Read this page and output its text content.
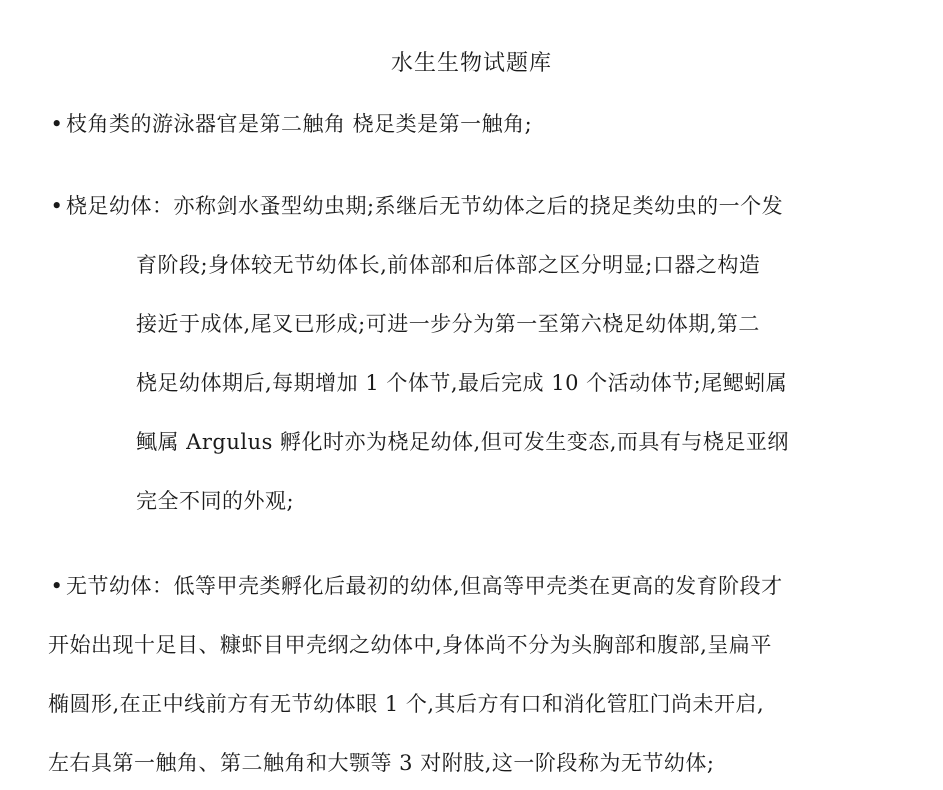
水生生物试题库
• 枝角类的游泳器官是第二触角 桡足类是第一触角;
• 桡足幼体：亦称剑水蚤型幼虫期;系继后无节幼体之后的挠足类幼虫的一个发
育阶段;身体较无节幼体长,前体部和后体部之区分明显;口器之构造
接近于成体,尾叉已形成;可进一步分为第一至第六桡足幼体期,第二
桡足幼体期后,每期增加 1 个体节,最后完成 10 个活动体节;尾鳃蚓属
鲺属 Argulus 孵化时亦为桡足幼体,但可发生变态,而具有与桡足亚纲
完全不同的外观;
• 无节幼体：低等甲壳类孵化后最初的幼体,但高等甲壳类在更高的发育阶段才
开始出现十足目、糠虾目甲壳纲之幼体中,身体尚不分为头胸部和腹部,呈扁平
椭圆形,在正中线前方有无节幼体眼 1 个,其后方有口和消化管肛门尚未开启,
左右具第一触角、第二触角和大颚等 3 对附肢,这一阶段称为无节幼体;
